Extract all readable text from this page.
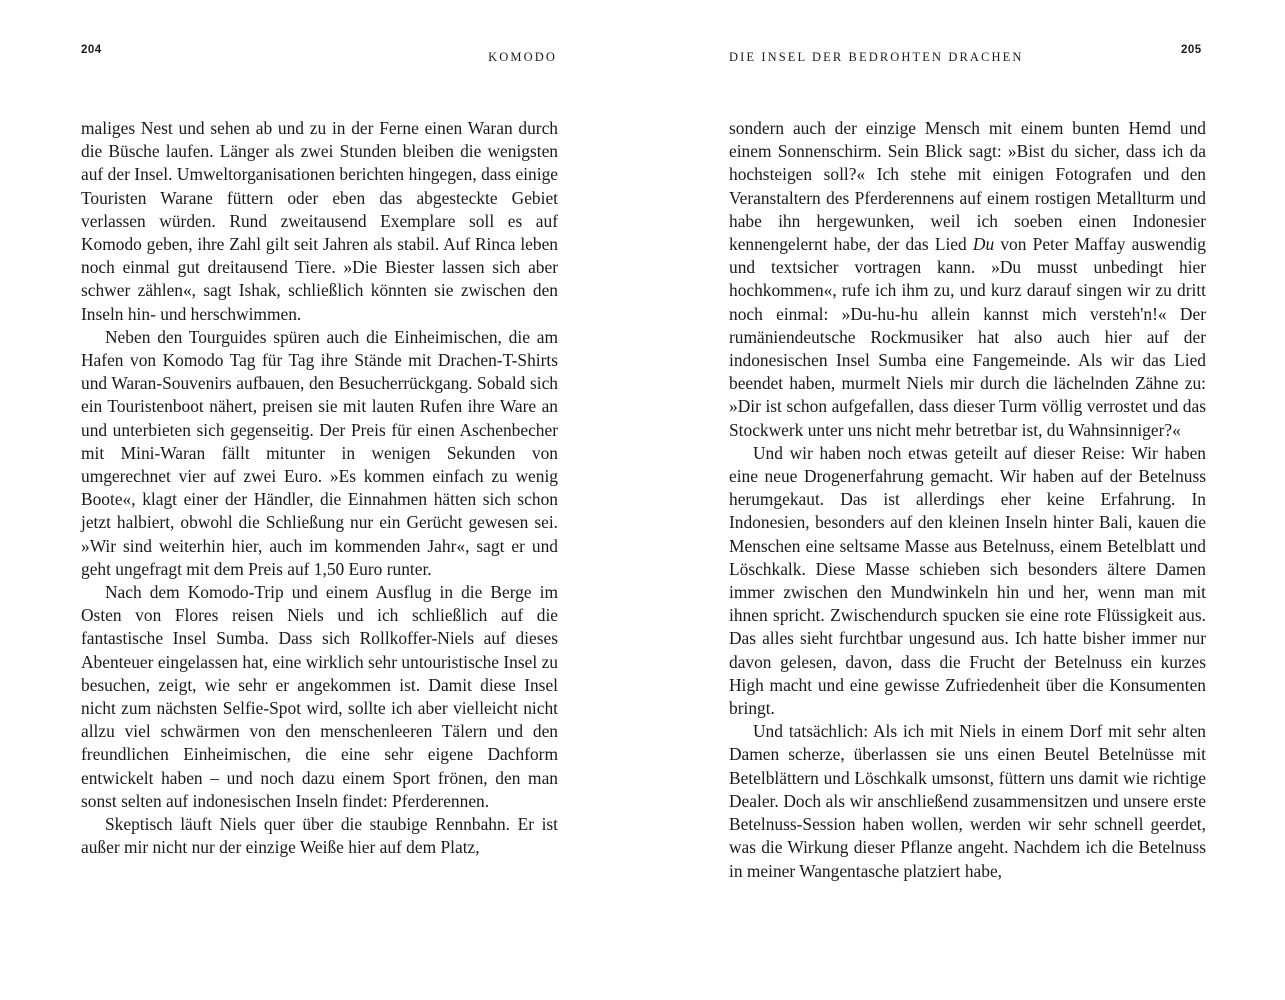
204	KOMODO

maliges Nest und sehen ab und zu in der Ferne einen Waran durch die Büsche laufen. Länger als zwei Stunden bleiben die wenigsten auf der Insel. Umweltorganisationen berichten hingegen, dass einige Touristen Warane füttern oder eben das abgesteckte Gebiet verlassen würden. Rund zweitausend Exemplare soll es auf Komodo geben, ihre Zahl gilt seit Jahren als stabil. Auf Rinca leben noch einmal gut dreitausend Tiere. »Die Biester lassen sich aber schwer zählen«, sagt Ishak, schließlich könnten sie zwischen den Inseln hin- und herschwimmen.

Neben den Tourguides spüren auch die Einheimischen, die am Hafen von Komodo Tag für Tag ihre Stände mit Drachen-T-Shirts und Waran-Souvenirs aufbauen, den Besucherrückgang. Sobald sich ein Touristenboot nähert, preisen sie mit lauten Rufen ihre Ware an und unterbieten sich gegenseitig. Der Preis für einen Aschenbecher mit Mini-Waran fällt mitunter in wenigen Sekunden von umgerechnet vier auf zwei Euro. »Es kommen einfach zu wenig Boote«, klagt einer der Händler, die Einnahmen hätten sich schon jetzt halbiert, obwohl die Schließung nur ein Gerücht gewesen sei. »Wir sind weiterhin hier, auch im kommenden Jahr«, sagt er und geht ungefragt mit dem Preis auf 1,50 Euro runter.

Nach dem Komodo-Trip und einem Ausflug in die Berge im Osten von Flores reisen Niels und ich schließlich auf die fantastische Insel Sumba. Dass sich Rollkoffer-Niels auf dieses Abenteuer eingelassen hat, eine wirklich sehr untouristische Insel zu besuchen, zeigt, wie sehr er angekommen ist. Damit diese Insel nicht zum nächsten Selfie-Spot wird, sollte ich aber vielleicht nicht allzu viel schwärmen von den menschenleeren Tälern und den freundlichen Einheimischen, die eine sehr eigene Dachform entwickelt haben – und noch dazu einem Sport frönen, den man sonst selten auf indonesischen Inseln findet: Pferderennen.

Skeptisch läuft Niels quer über die staubige Rennbahn. Er ist außer mir nicht nur der einzige Weiße hier auf dem Platz,

205
DIE INSEL DER BEDROHTEN DRACHEN

sondern auch der einzige Mensch mit einem bunten Hemd und einem Sonnenschirm. Sein Blick sagt: »Bist du sicher, dass ich da hochsteigen soll?« Ich stehe mit einigen Fotografen und den Veranstaltern des Pferderennens auf einem rostigen Metallturm und habe ihn hergewunken, weil ich soeben einen Indonesier kennengelernt habe, der das Lied Du von Peter Maffay auswendig und textsicher vortragen kann. »Du musst unbedingt hier hochkommen«, rufe ich ihm zu, und kurz darauf singen wir zu dritt noch einmal: »Du-hu-hu allein kannst mich versteh'n!« Der rumäniendeutsche Rockmusiker hat also auch hier auf der indonesischen Insel Sumba eine Fangemeinde. Als wir das Lied beendet haben, murmelt Niels mir durch die lächelnden Zähne zu: »Dir ist schon aufgefallen, dass dieser Turm völlig verrostet und das Stockwerk unter uns nicht mehr betretbar ist, du Wahnsinniger?«

Und wir haben noch etwas geteilt auf dieser Reise: Wir haben eine neue Drogenerfahrung gemacht. Wir haben auf der Betelnuss herumgekaut. Das ist allerdings eher keine Erfahrung. In Indonesien, besonders auf den kleinen Inseln hinter Bali, kauen die Menschen eine seltsame Masse aus Betelnuss, einem Betelblatt und Löschkalk. Diese Masse schieben sich besonders ältere Damen immer zwischen den Mundwinkeln hin und her, wenn man mit ihnen spricht. Zwischendurch spucken sie eine rote Flüssigkeit aus. Das alles sieht furchtbar ungesund aus. Ich hatte bisher immer nur davon gelesen, davon, dass die Frucht der Betelnuss ein kurzes High macht und eine gewisse Zufriedenheit über die Konsumenten bringt.

Und tatsächlich: Als ich mit Niels in einem Dorf mit sehr alten Damen scherze, überlassen sie uns einen Beutel Betelnüsse mit Betelblättern und Löschkalk umsonst, füttern uns damit wie richtige Dealer. Doch als wir anschließend zusammensitzen und unsere erste Betelnuss-Session haben wollen, werden wir sehr schnell geerdet, was die Wirkung dieser Pflanze angeht. Nachdem ich die Betelnuss in meiner Wangentasche platziert habe,
